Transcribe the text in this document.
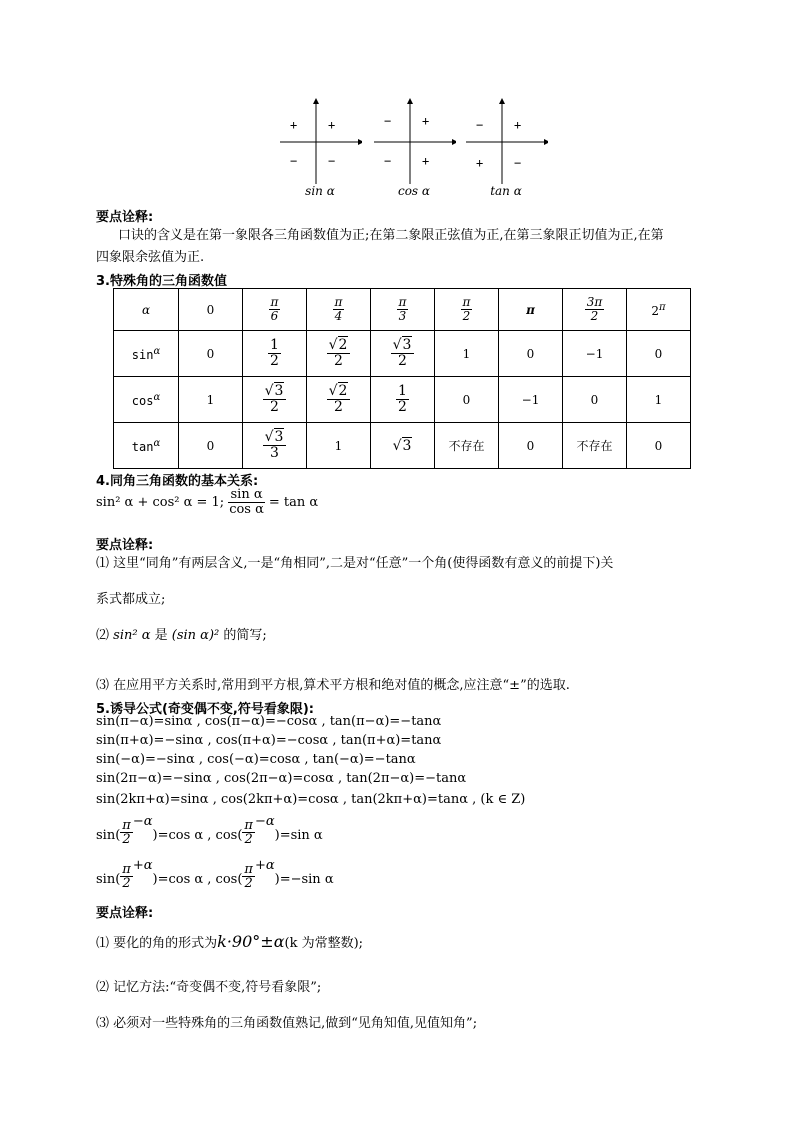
+	+
−	−
sin α
−	+
−	+
cos α
−	+
+	−
tan α
要点诠释:
口诀的含义是在第一象限各三角函数值为正;在第二象限正弦值为正,在第三象限正切值为正,在第
四象限余弦值为正.
3.特殊角的三角函数值
α	0	$\frac{\pi}{6}$	$\frac{\pi}{4}$	$\frac{\pi}{3}$	$\frac{\pi}{2}$	π	$\frac{3\pi}{2}$	$2^\pi$
$\sin^\alpha$	0	$\frac{1}{2}$	$\frac{√2}{2}$	$\frac{√3}{2}$	1	0	−1	0
$\cos^\alpha$	1	$\frac{√3}{2}$	$\frac{√2}{2}$	$\frac{1}{2}$	0	−1	0	1
$\tan^\alpha$	0	$\frac{√3}{3}$	1	√3	不存在	0	不存在	0
4.同角三角函数的基本关系:
sin² α + cos² α = 1; $\frac{\text{sin α}}{\text{cos α}} = \tan \alpha$
要点诠释:
⑴ 这里“同角”有两层含义,一是“角相同”,二是对“任意”一个角(使得函数有意义的前提下)关
系式都成立;
⑵ sin² α 是 (sin α)² 的简写;
⑶ 在应用平方关系时,常用到平方根,算术平方根和绝对值的概念,应注意“±”的选取.
5.诱导公式(奇变偶不变,符号看象限):
sin(π−α)=sinα , cos(π−α)=−cosα , tan(π−α)=−tanα
sin(π+α)=−sinα , cos(π+α)=−cosα , tan(π+α)=tanα
sin(−α)=−sinα , cos(−α)=cosα , tan(−α)=−tanα
sin(2π−α)=−sinα , cos(2π−α)=cosα , tan(2π−α)=−tanα
sin(2kπ+α)=sinα , cos(2kπ+α)=cosα , tan(2kπ+α)=tanα , (k ∈ Z)
$\sin( \frac{\pi}{2} -\alpha$
)=cos α , $\cos( \frac{\pi}{2} -\alpha$
)=sin α
$\sin( \frac{\pi}{2} +\alpha$
)=cos α , $\cos( \frac{\pi}{2} +\alpha$
)=−sin α
要点诠释:
⑴ 要化的角的形式为k·90°±α(k 为常整数);
⑵ 记忆方法:“奇变偶不变,符号看象限”;
⑶ 必须对一些特殊角的三角函数值熟记,做到“见角知值,见值知角”;
